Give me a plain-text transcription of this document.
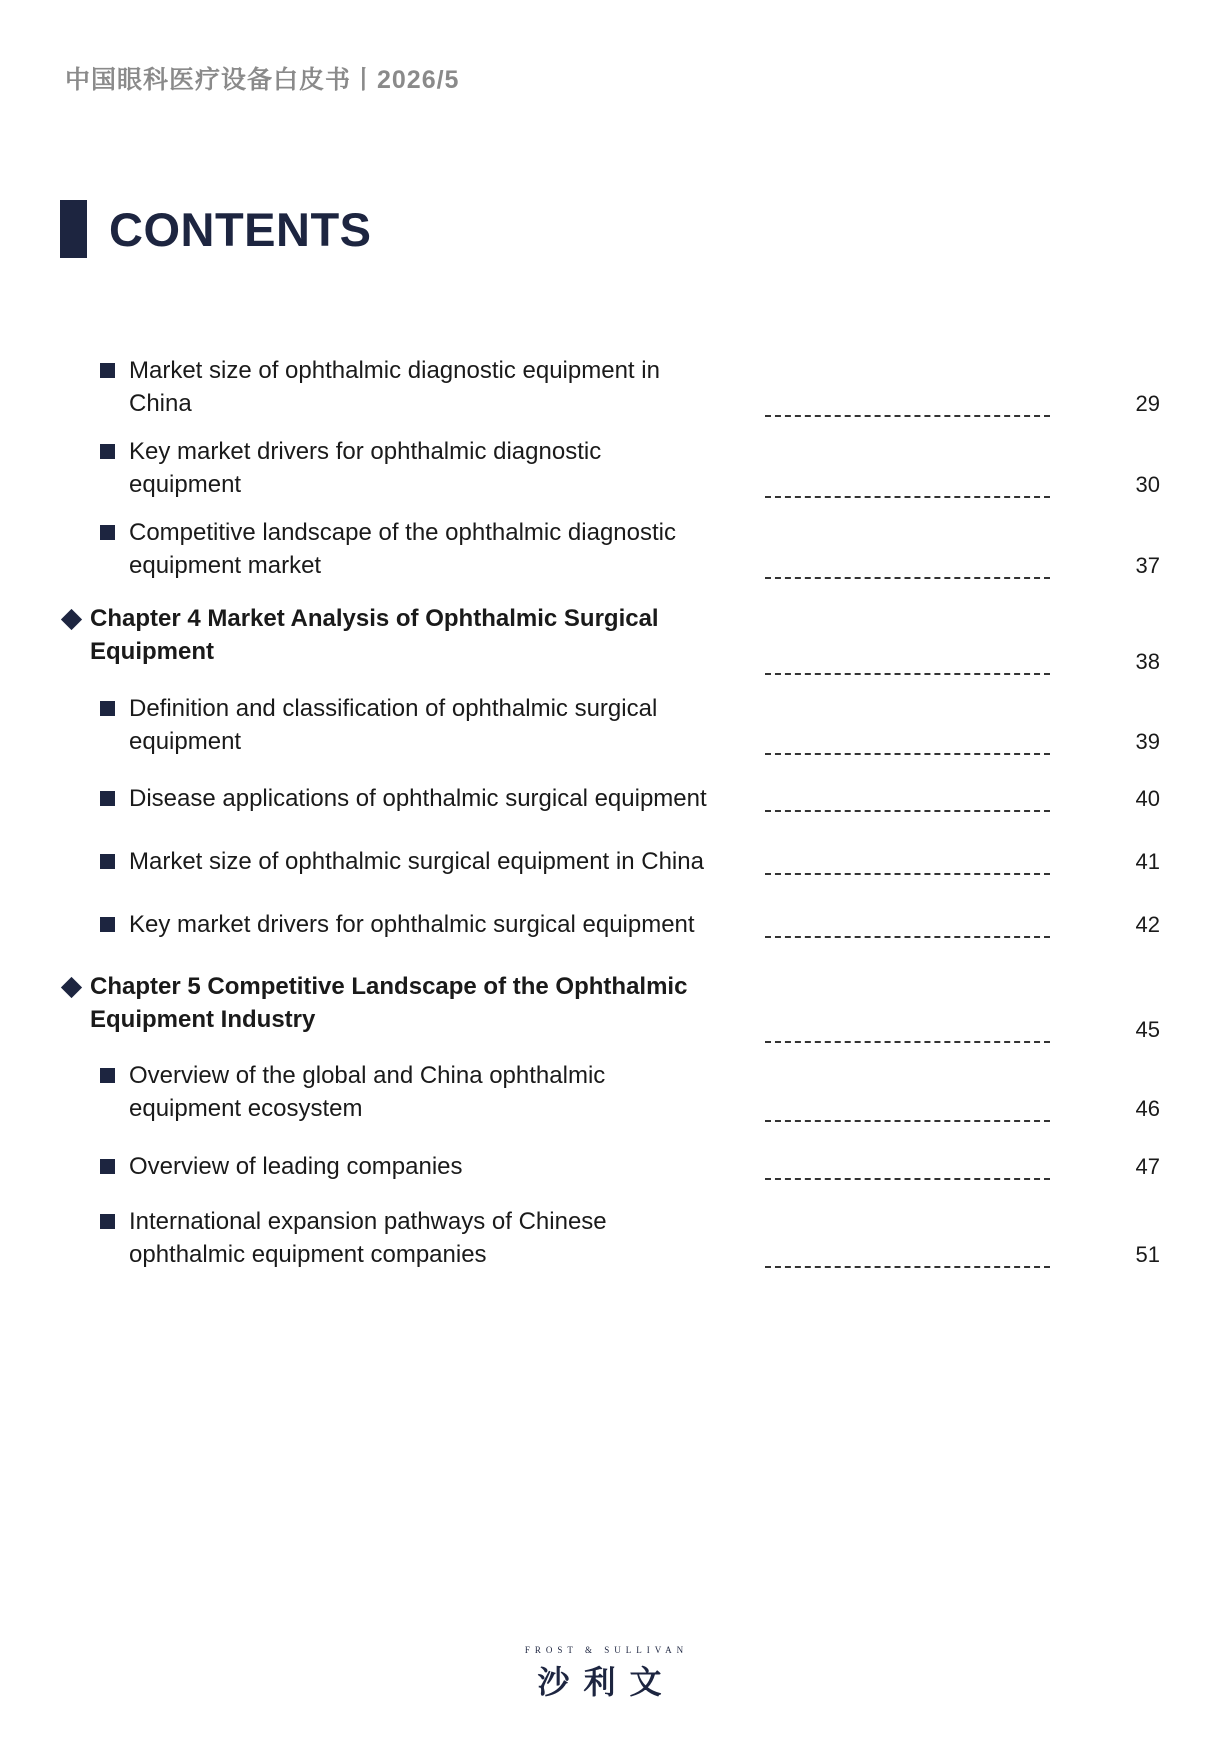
中国眼科医疗设备白皮书丨2026/5
CONTENTS
Market size of ophthalmic diagnostic equipment in
China	29
Key market drivers for ophthalmic diagnostic
equipment	30
Competitive landscape of the ophthalmic diagnostic
equipment market	37
Chapter 4 Market Analysis of Ophthalmic Surgical
Equipment	38
Definition and classification of ophthalmic surgical
equipment	39
Disease applications of ophthalmic surgical equipment	40
Market size of ophthalmic surgical equipment in China	41
Key market drivers for ophthalmic surgical equipment	42
Chapter 5 Competitive Landscape of the Ophthalmic
Equipment Industry	45
Overview of the global and China ophthalmic
equipment ecosystem	46
Overview of leading companies	47
International expansion pathways of Chinese
ophthalmic equipment companies	51
FROST & SULLIVAN
沙利文
